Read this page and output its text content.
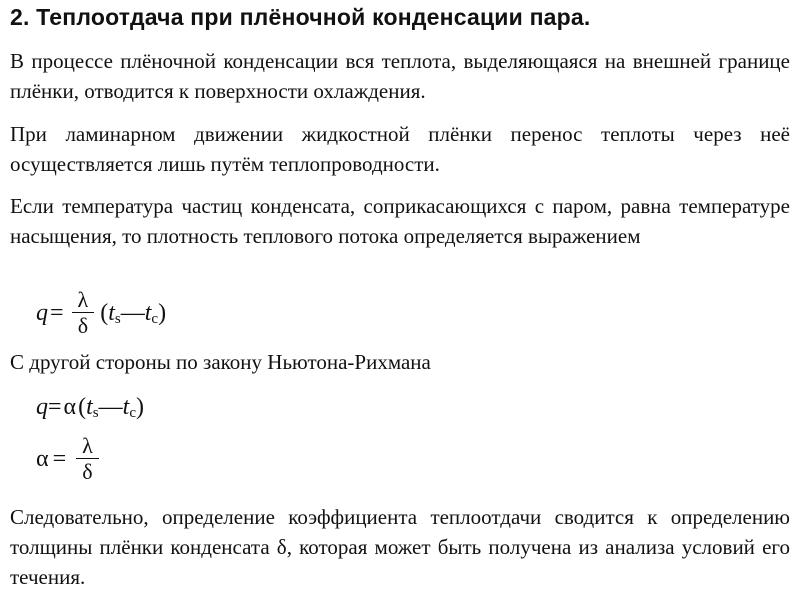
2. Теплоотдача при плёночной конденсации пара.
В процессе плёночной конденсации вся теплота, выделяющаяся на внешней границе плёнки, отводится к поверхности охлаждения.
При ламинарном движении жидкостной плёнки перенос теплоты через неё осуществляется лишь путём теплопроводности.
Если температура частиц конденсата, соприкасающихся с паром, равна температуре насыщения, то плотность теплового потока определяется выражением
$q = \frac{\lambda}{\delta}$ ( t s — t c )
С другой стороны по закону Ньютона-Рихмана
q = α ( t s — t c )
$\alpha = \frac{\lambda}{\delta}$
Следовательно, определение коэффициента теплоотдачи сводится к определению толщины плёнки конденсата δ, которая может быть получена из анализа условий его течения.
